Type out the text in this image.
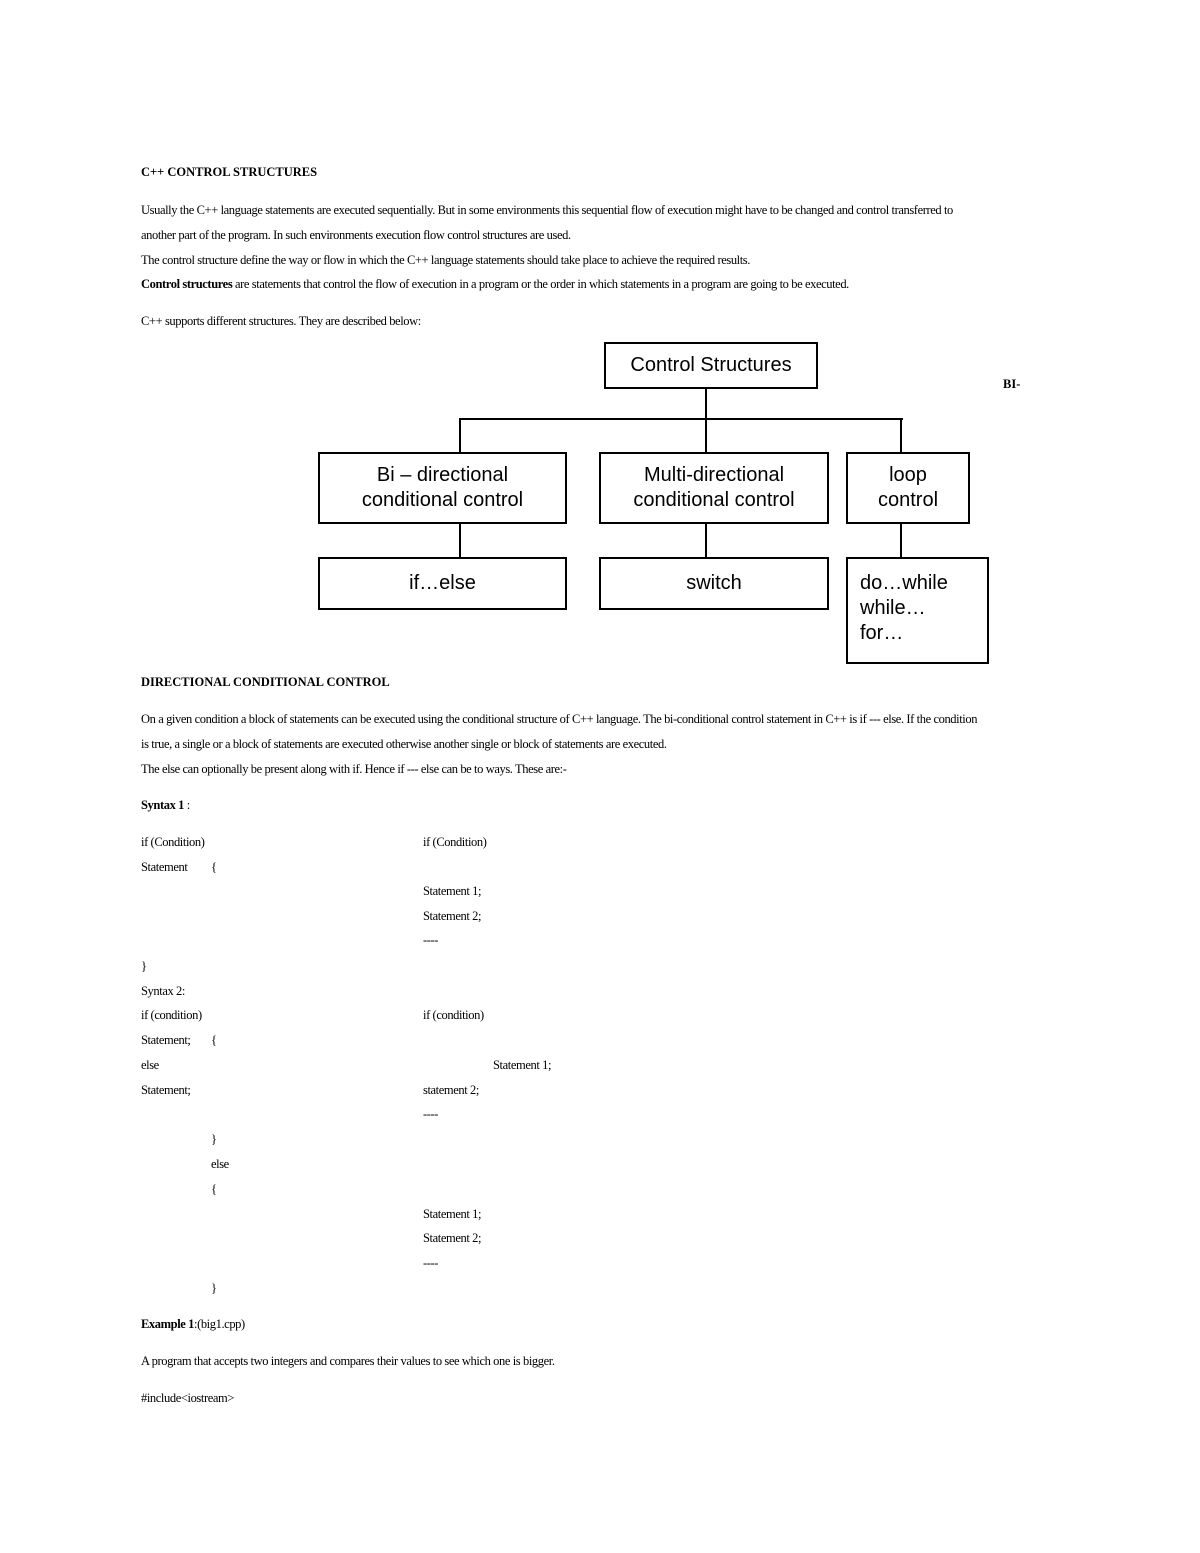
C++ CONTROL STRUCTURES
Usually the C++ language statements are executed sequentially. But in some environments this sequential flow of execution might have to be changed and control transferred to
another part of the program. In such environments execution flow control structures are used.
The control structure define the way or flow in which the C++ language statements should take place to achieve the required results.
Control structures are statements that control the flow of execution in a program or the order in which statements in a program are going to be executed.
C++ supports different structures. They are described below:
Control Structures
BI-
Bi – directional
conditional control
Multi-directional
conditional control
loop
control
if…else	switch	do…while
while…
for…
DIRECTIONAL CONDITIONAL CONTROL
On a given condition a block of statements can be executed using the conditional structure of C++ language. The bi-conditional control statement in C++ is if --- else. If the condition
is true, a single or a block of statements are executed otherwise another single or block of statements are executed.
The else can optionally be present along with if. Hence if --- else can be to ways. These are:-
Syntax 1 :
if (Condition)	if (Condition)
Statement {
Statement 1;
Statement 2;
----
}
Syntax 2:
if (condition)	if (condition)
Statement; {
else	Statement 1;
Statement;	statement 2;
----
}
else
{
Statement 1;
Statement 2;
----
}
Example 1:(big1.cpp)
A program that accepts two integers and compares their values to see which one is bigger.
#include<iostream>
